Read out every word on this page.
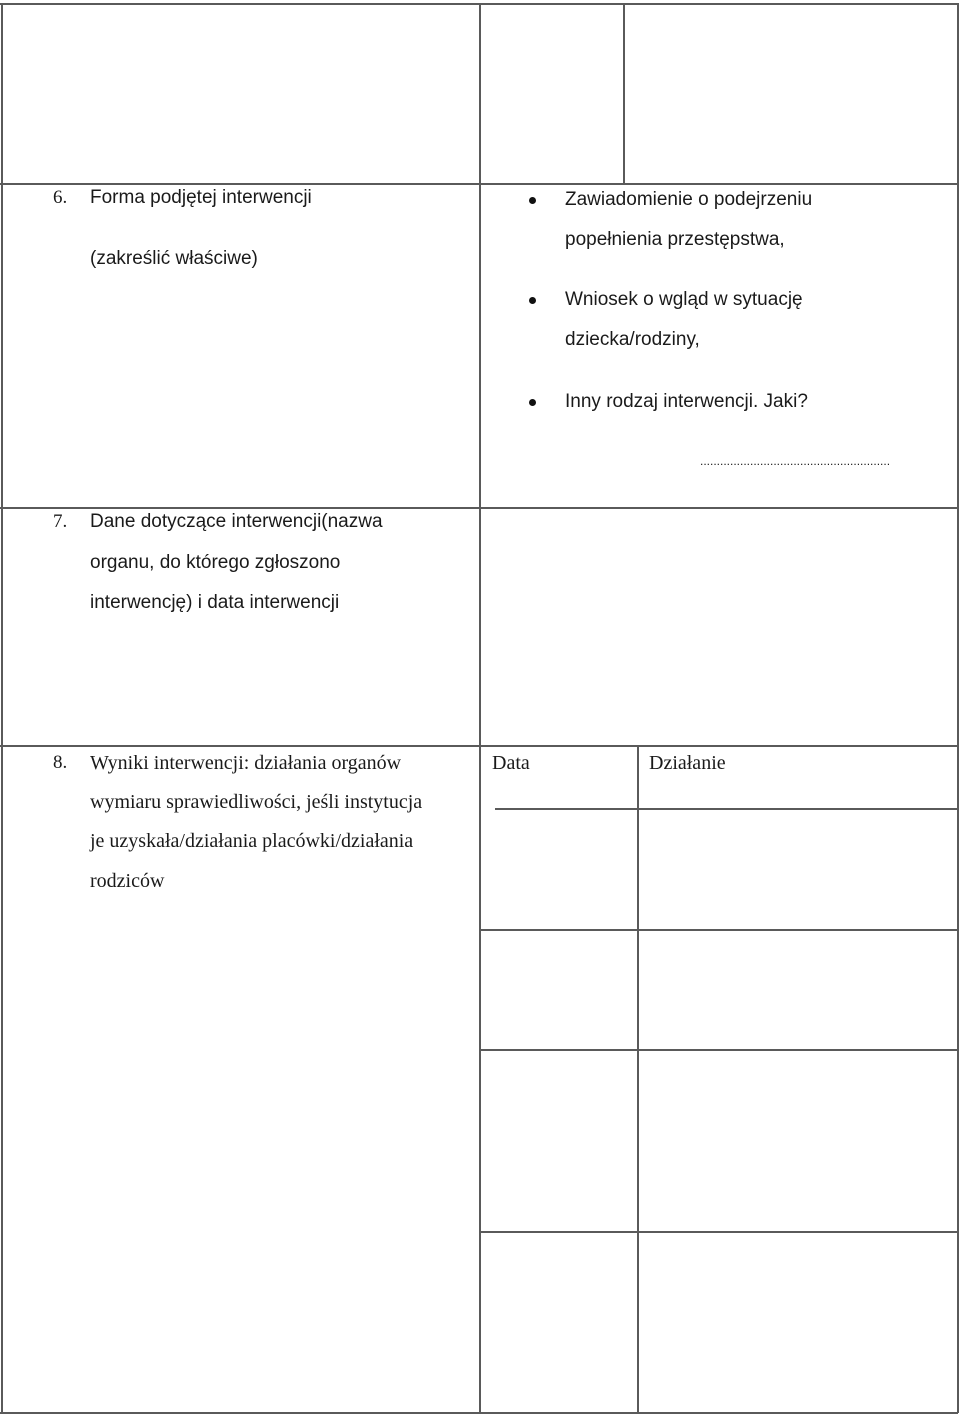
6. Forma podjętej interwencji
(zakreślić właściwe)
Zawiadomienie o podejrzeniu
popełnienia przestępstwa,
Wniosek o wgląd w sytuację
dziecka/rodziny,
Inny rodzaj interwencji. Jaki?
.........................................................
7. Dane dotyczące interwencji(nazwa
organu, do którego zgłoszono
interwencję) i data interwencji
8. Wyniki interwencji: działania organów
wymiaru sprawiedliwości, jeśli instytucja
je uzyskała/działania placówki/działania
rodziców
Data	Działanie
